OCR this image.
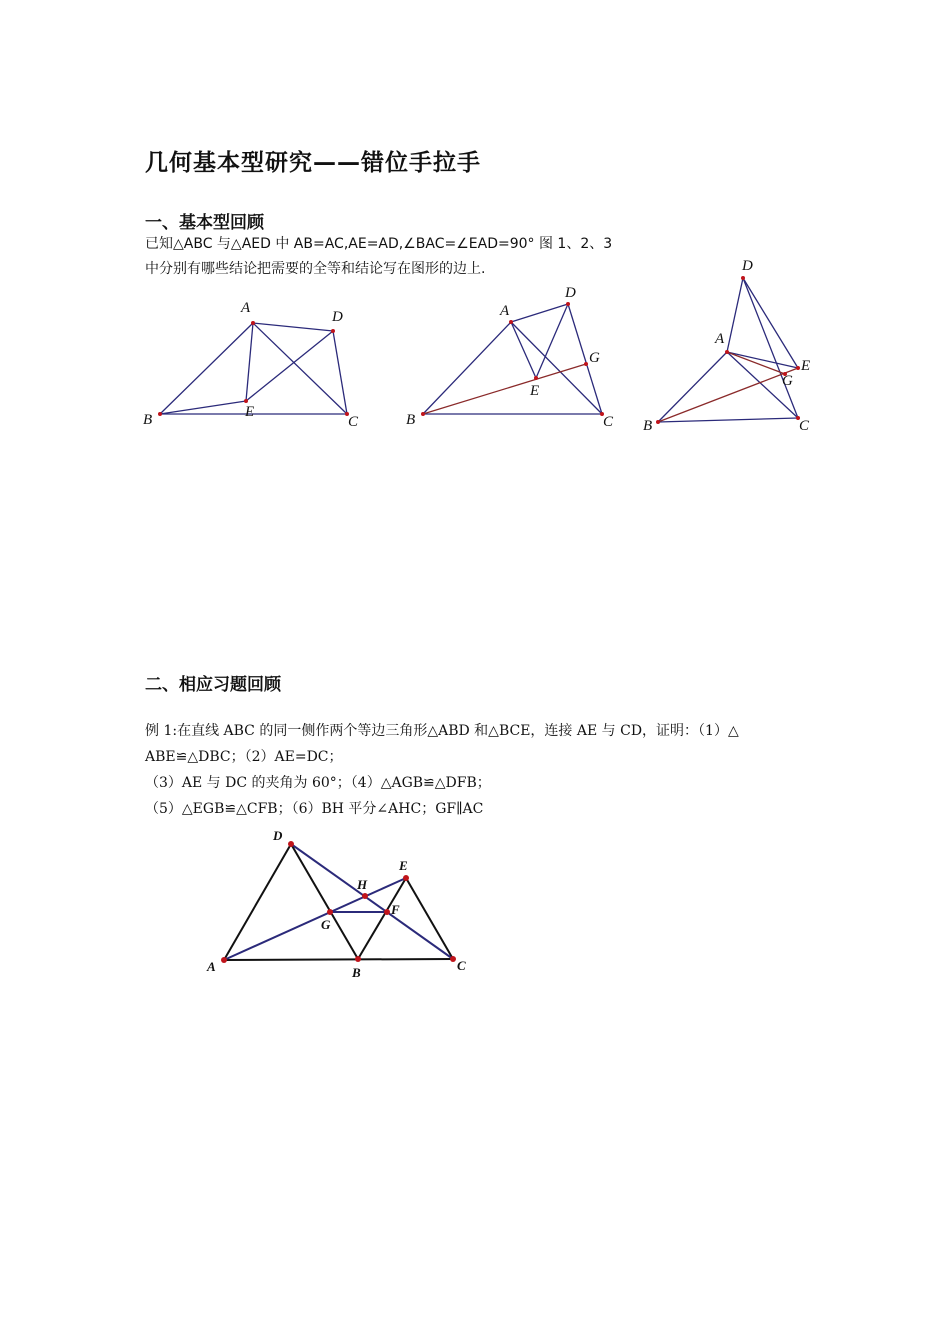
几何基本型研究——错位手拉手
一、基本型回顾
已知△ABC 与△AED 中 AB=AC,AE=AD,∠BAC=∠EAD=90° 图 1、2、3
中分别有哪些结论把需要的全等和结论写在图形的边上.
A
D
B	E
C
A
D
G
E
B	C
D
A
E
G
B	C
二、相应习题回顾
例 1:在直线 ABC 的同一侧作两个等边三角形△ABD 和△BCE，连接 AE 与 CD，证明：（1）△
ABE≌△DBC；（2）AE=DC；
（3）AE 与 DC 的夹角为 60°；（4）△AGB≌△DFB；
（5）△EGB≌△CFB；（6）BH 平分∠AHC；GF∥AC
D
E
H
F
G
A	B	C
